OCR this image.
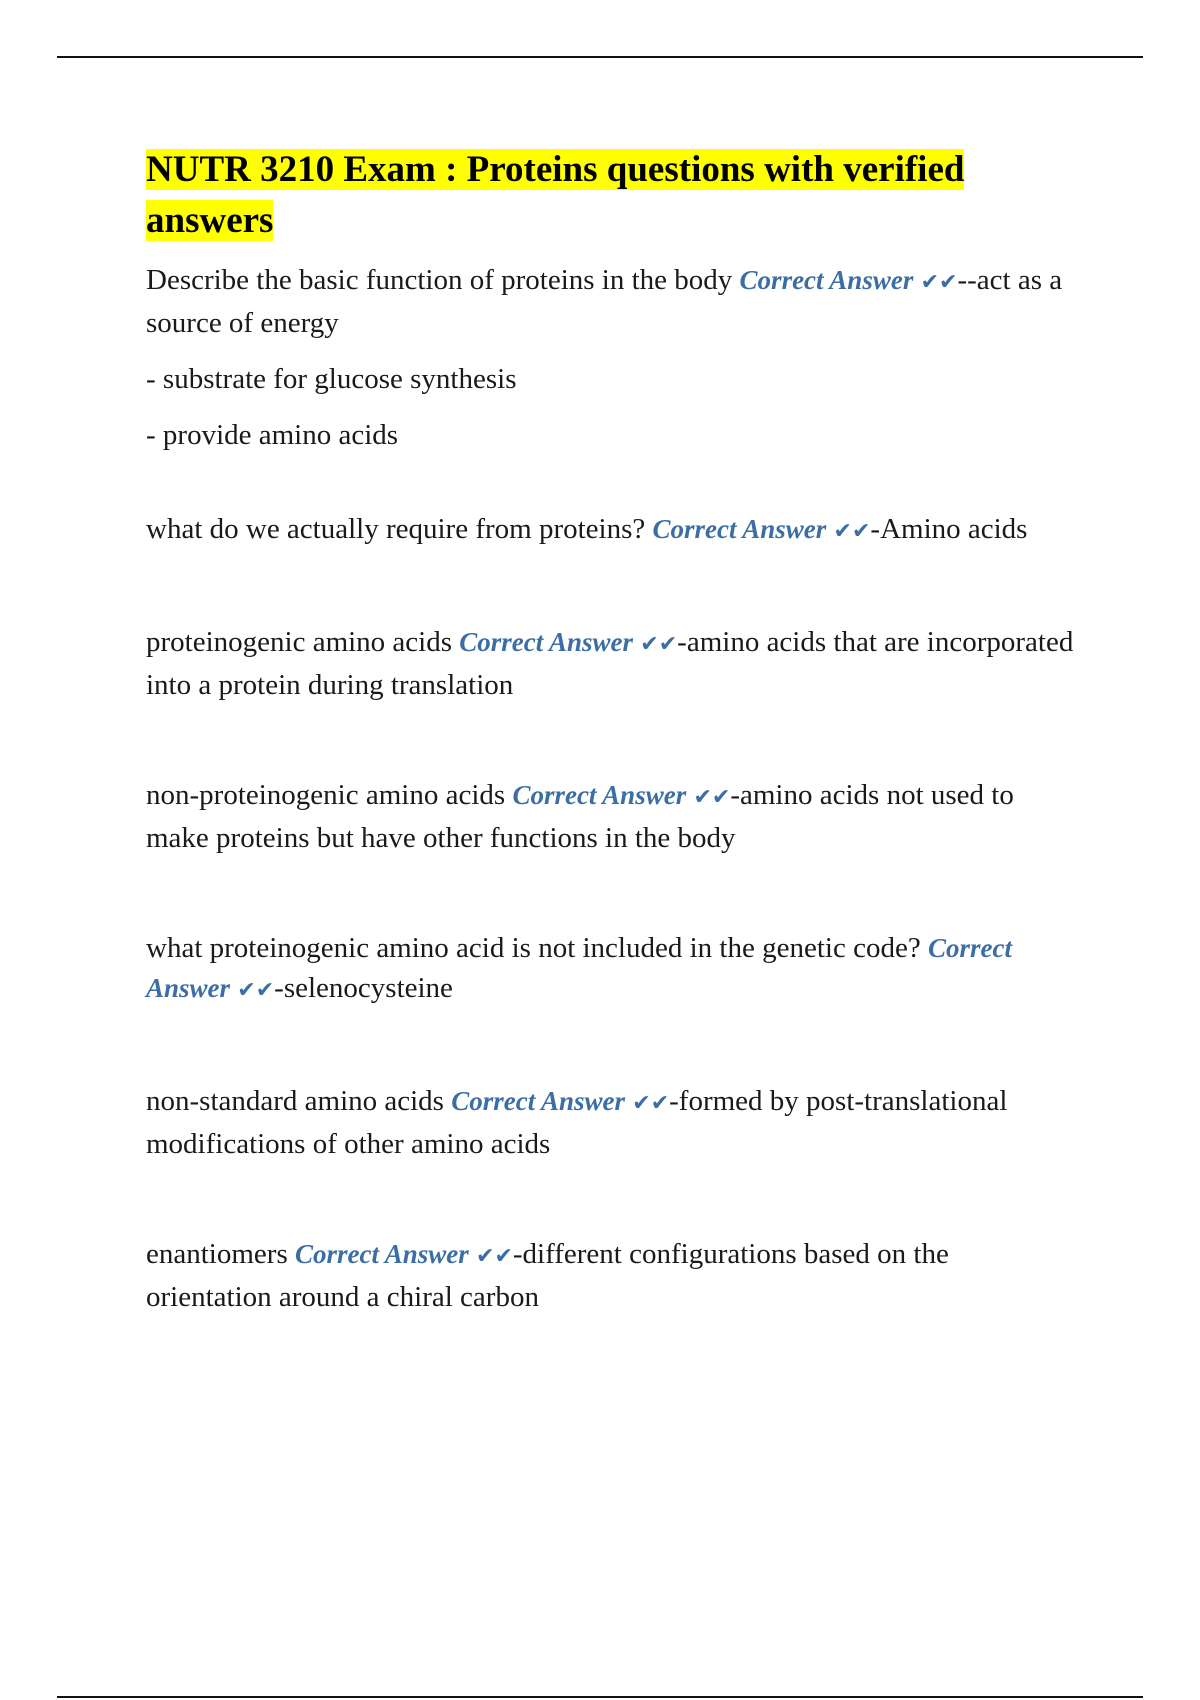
NUTR 3210 Exam : Proteins questions with verified answers

Describe the basic function of proteins in the body Correct Answer ✔✔--act as a source of energy

- substrate for glucose synthesis

- provide amino acids

what do we actually require from proteins? Correct Answer ✔✔-Amino acids

proteinogenic amino acids Correct Answer ✔✔-amino acids that are incorporated into a protein during translation

non-proteinogenic amino acids Correct Answer ✔✔-amino acids not used to make proteins but have other functions in the body

what proteinogenic amino acid is not included in the genetic code? Correct Answer ✔✔-selenocysteine

non-standard amino acids Correct Answer ✔✔-formed by post-translational modifications of other amino acids

enantiomers Correct Answer ✔✔-different configurations based on the orientation around a chiral carbon
